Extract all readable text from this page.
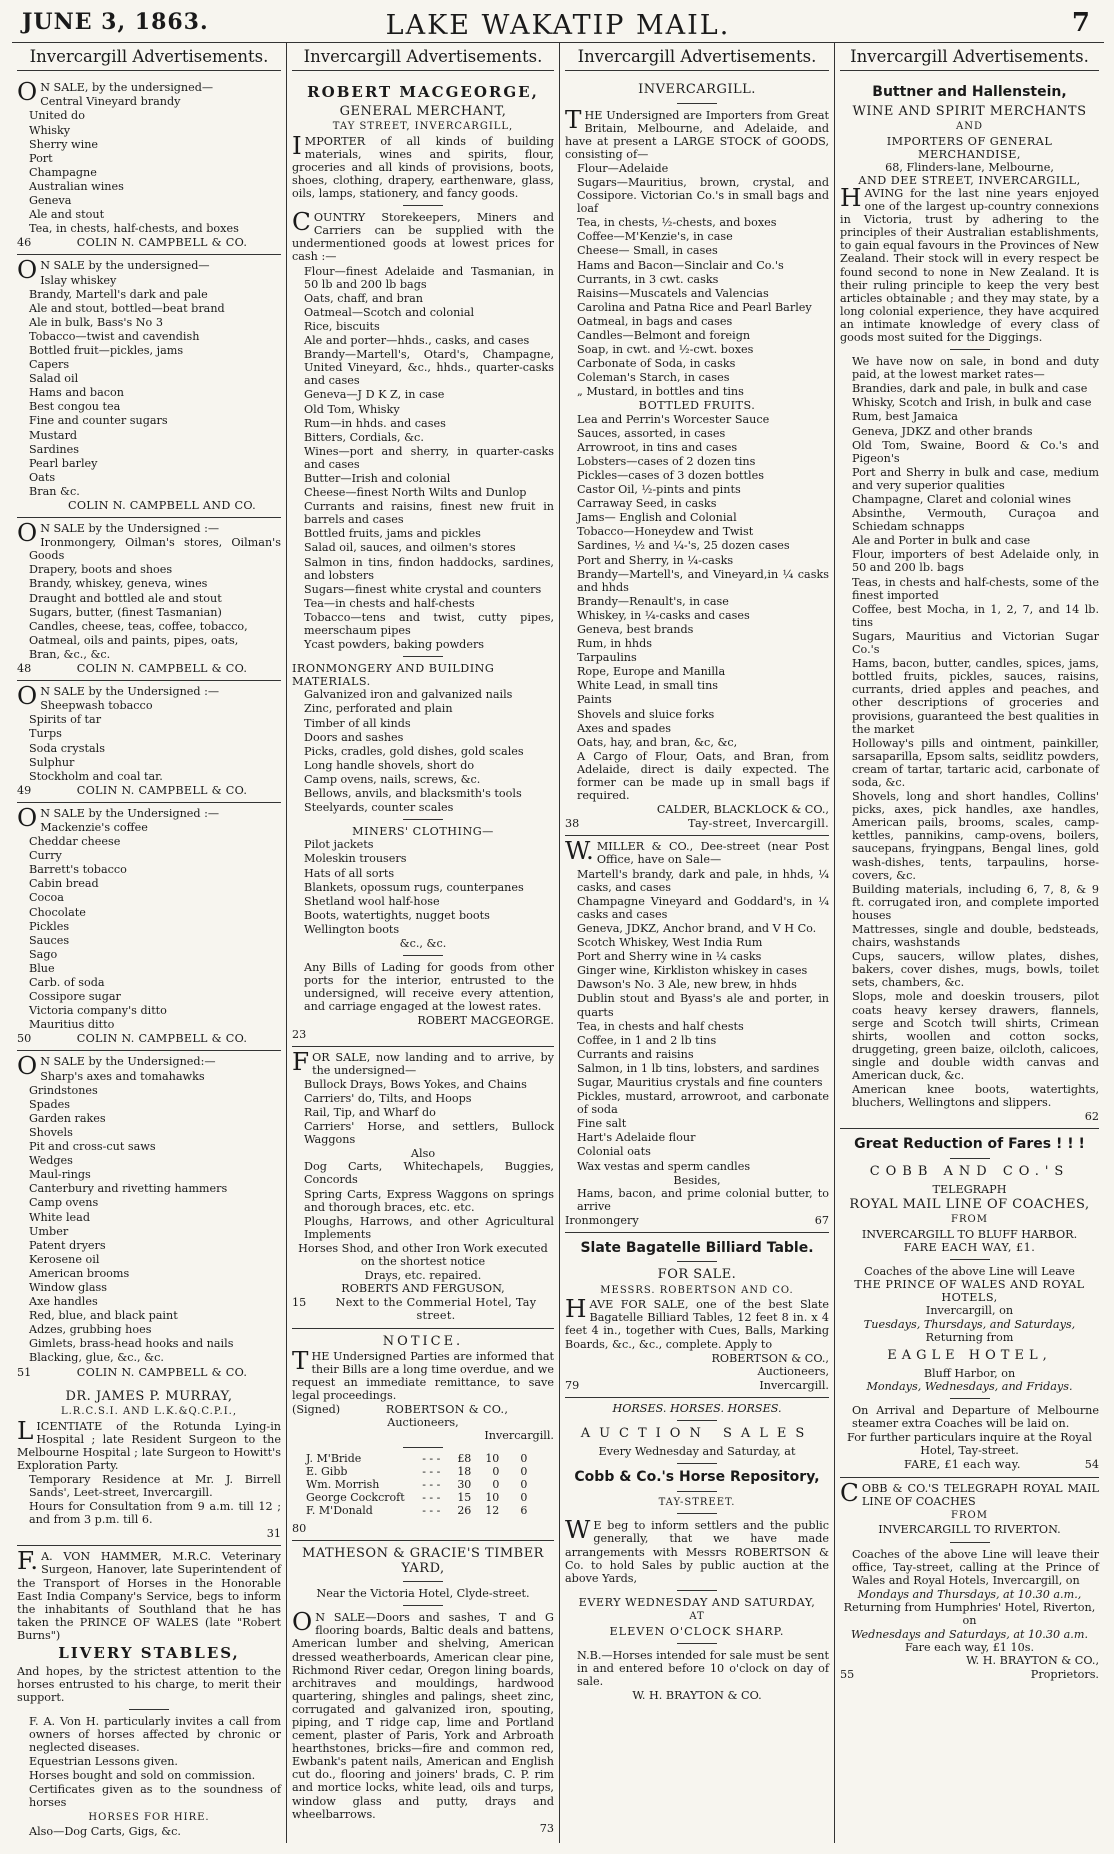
JUNE 3, 1863.	LAKE WAKATIP MAIL.	7
Invercargill Advertisements.

ON SALE, by the undersigned—

Central Vineyard brandy
United do
Whisky
Sherry wine
Port
Champagne
Australian wines
Geneva
Ale and stout
Tea, in chests, half-chests, and boxes
46	COLIN N. CAMPBELL & CO.

ON SALE by the undersigned—

Islay whiskey
Brandy, Martell's dark and pale
Ale and stout, bottled—beat brand
Ale in bulk, Bass's No 3
Tobacco—twist and cavendish
Bottled fruit—pickles, jams
Capers
Salad oil
Hams and bacon
Best congou tea
Fine and counter sugars
Mustard
Sardines
Pearl barley
Oats
Bran &c.
COLIN N. CAMPBELL AND CO.

ON SALE by the Undersigned :—

Ironmongery, Oilman's stores, Oilman's Goods
Drapery, boots and shoes
Brandy, whiskey, geneva, wines
Draught and bottled ale and stout
Sugars, butter, (finest Tasmanian)
Candles, cheese, teas, coffee, tobacco,
Oatmeal, oils and paints, pipes, oats,
Bran, &c., &c.
48	COLIN N. CAMPBELL & CO.

ON SALE by the Undersigned :—

Sheepwash tobacco
Spirits of tar
Turps
Soda crystals
Sulphur
Stockholm and coal tar.
49	COLIN N. CAMPBELL & CO.

ON SALE by the Undersigned :—

Mackenzie's coffee
Cheddar cheese
Curry
Barrett's tobacco
Cabin bread
Cocoa
Chocolate
Pickles
Sauces
Sago
Blue
Carb. of soda
Cossipore sugar
Victoria company's ditto
Mauritius ditto
50	COLIN N. CAMPBELL & CO.

ON SALE by the Undersigned:—

Sharp's axes and tomahawks
Grindstones
Spades
Garden rakes
Shovels
Pit and cross-cut saws
Wedges
Maul-rings
Canterbury and rivetting hammers
Camp ovens
White lead
Umber
Patent dryers
Kerosene oil
American brooms
Window glass
Axe handles
Red, blue, and black paint
Adzes, grubbing hoes
Gimlets, brass-head hooks and nails
Blacking, glue, &c., &c.
51	COLIN N. CAMPBELL & CO.
DR. JAMES P. MURRAY,
L.R.C.S.I. AND L.K.&Q.C.P.I.,

LICENTIATE of the Rotunda Lying-in Hospital ; late Resident Surgeon to the Melbourne Hospital ; late Surgeon to Howitt's Exploration Party.

Temporary Residence at Mr. J. Birrell Sands', Leet-street, Invercargill.

Hours for Consultation from 9 a.m. till 12 ; and from 3 p.m. till 6.

31

F.A. VON HAMMER, M.R.C. Veterinary Surgeon, Hanover, late Superintendent of the Transport of Horses in the Honorable East India Company's Service, begs to inform the inhabitants of Southland that he has taken the PRINCE OF WALES (late "Robert Burns")

LIVERY STABLES,

And hopes, by the strictest attention to the horses entrusted to his charge, to merit their support.

F. A. Von H. particularly invites a call from owners of horses affected by chronic or neglected diseases.

Equestrian Lessons given.

Horses bought and sold on commission.

Certificates given as to the soundness of horses

HORSES FOR HIRE.

Also—Dog Carts, Gigs, &c.

Invercargill Advertisements.
ROBERT MACGEORGE,
GENERAL MERCHANT,
TAY STREET, INVERCARGILL,

IMPORTER of all kinds of building materials, wines and spirits, flour, groceries and all kinds of provisions, boots, shoes, clothing, drapery, earthenware, glass, oils, lamps, stationery, and fancy goods.

COUNTRY Storekeepers, Miners and Carriers can be supplied with the undermentioned goods at lowest prices for cash :—

Flour—finest Adelaide and Tasmanian, in 50 lb and 200 lb bags
Oats, chaff, and bran
Oatmeal—Scotch and colonial
Rice, biscuits
Ale and porter—hhds., casks, and cases
Brandy—Martell's, Otard's, Champagne, United Vineyard, &c., hhds., quarter-casks and cases
Geneva—J D K Z, in case
Old Tom, Whisky
Rum—in hhds. and cases
Bitters, Cordials, &c.
Wines—port and sherry, in quarter-casks and cases
Butter—Irish and colonial
Cheese—finest North Wilts and Dunlop
Currants and raisins, finest new fruit in barrels and cases
Bottled fruits, jams and pickles
Salad oil, sauces, and oilmen's stores
Salmon in tins, findon haddocks, sardines, and lobsters
Sugars—finest white crystal and counters
Tea—in chests and half-chests
Tobacco—tens and twist, cutty pipes, meerschaum pipes
Ycast powders, baking powders
IRONMONGERY AND BUILDING MATERIALS.
Galvanized iron and galvanized nails
Zinc, perforated and plain
Timber of all kinds
Doors and sashes
Picks, cradles, gold dishes, gold scales
Long handle shovels, short do
Camp ovens, nails, screws, &c.
Bellows, anvils, and blacksmith's tools
Steelyards, counter scales
MINERS' CLOTHING—
Pilot jackets
Moleskin trousers
Hats of all sorts
Blankets, opossum rugs, counterpanes
Shetland wool half-hose
Boots, watertights, nugget boots
Wellington boots
&c., &c.

Any Bills of Lading for goods from other ports for the interior, entrusted to the undersigned, will receive every attention, and carriage engaged at the lowest rates.

ROBERT MACGEORGE.
23

FOR SALE, now landing and to arrive, by the undersigned—

Bullock Drays, Bows Yokes, and Chains
Carriers' do, Tilts, and Hoops
Rail, Tip, and Wharf do
Carriers' Horse, and settlers, Bullock Waggons
Also
Dog Carts, Whitechapels, Buggies, Concords
Spring Carts, Express Waggons on springs and thorough braces, etc. etc.
Ploughs, Harrows, and other Agricultural Implements

Horses Shod, and other Iron Work executed on the shortest notice

Drays, etc. repaired.
ROBERTS AND FERGUSON,
15	Next to the Commerial Hotel, Tay street.
NOTICE.

THE Undersigned Parties are informed that their Bills are a long time overdue, and we request an immediate remittance, to save legal proceedings.

(Signed)	ROBERTSON & CO.,
Auctioneers,
Invercargill.
J. M'Bride	- - -	£8	10	0
E. Gibb	- - -	18	0	0
Wm. Morrish	- - -	30	0	0
George Cockcroft	- - -	15	10	0
F. M'Donald	- - -	26	12	6
80
MATHESON & GRACIE'S TIMBER YARD,
Near the Victoria Hotel, Clyde-street.

ON SALE—Doors and sashes, T and G flooring boards, Baltic deals and battens, American lumber and shelving, American dressed weatherboards, American clear pine, Richmond River cedar, Oregon lining boards, architraves and mouldings, hardwood quartering, shingles and palings, sheet zinc, corrugated and galvanized iron, spouting, piping, and T ridge cap, lime and Portland cement, plaster of Paris, York and Arbroath hearthstones, bricks—fire and common red, Ewbank's patent nails, American and English cut do., flooring and joiners' brads, C. P. rim and mortice locks, white lead, oils and turps, window glass and putty, drays and wheelbarrows.

73
Invercargill Advertisements.
INVERCARGILL.

THE Undersigned are Importers from Great Britain, Melbourne, and Adelaide, and have at present a LARGE STOCK of GOODS, consisting of—

Flour—Adelaide
Sugars—Mauritius, brown, crystal, and Cossipore. Victorian Co.'s in small bags and loaf
Tea, in chests, ½-chests, and boxes
Coffee—M'Kenzie's, in case
Cheese— Small, in cases
Hams and Bacon—Sinclair and Co.'s
Currants, in 3 cwt. casks
Raisins—Muscatels and Valencias
Carolina and Patna Rice and Pearl Barley
Oatmeal, in bags and cases
Candles—Belmont and foreign
Soap, in cwt. and ½-cwt. boxes
Carbonate of Soda, in casks
Coleman's Starch, in cases
„ Mustard, in bottles and tins
BOTTLED FRUITS.
Lea and Perrin's Worcester Sauce
Sauces, assorted, in cases
Arrowroot, in tins and cases
Lobsters—cases of 2 dozen tins
Pickles—cases of 3 dozen bottles
Castor Oil, ½-pints and pints
Carraway Seed, in casks
Jams— English and Colonial
Tobacco—Honeydew and Twist
Sardines, ½ and ¼-'s, 25 dozen cases
Port and Sherry, in ¼-casks
Brandy—Martell's, and Vineyard,in ¼ casks and hhds
Brandy—Renault's, in case
Whiskey, in ¼-casks and cases
Geneva, best brands
Rum, in hhds
Tarpaulins
Rope, Europe and Manilla
White Lead, in small tins
Paints
Shovels and sluice forks
Axes and spades
Oats, hay, and bran, &c, &c,

A Cargo of Flour, Oats, and Bran, from Adelaide, direct is daily expected. The former can be made up in small bags if required.

CALDER, BLACKLOCK & CO.,
38	Tay-street, Invercargill.

W.MILLER & CO., Dee-street (near Post Office, have on Sale—

Martell's brandy, dark and pale, in hhds, ¼ casks, and cases
Champagne Vineyard and Goddard's, in ¼ casks and cases
Geneva, JDKZ, Anchor brand, and V H Co.
Scotch Whiskey, West India Rum
Port and Sherry wine in ¼ casks
Ginger wine, Kirkliston whiskey in cases
Dawson's No. 3 Ale, new brew, in hhds
Dublin stout and Byass's ale and porter, in quarts
Tea, in chests and half chests
Coffee, in 1 and 2 lb tins
Currants and raisins
Salmon, in 1 lb tins, lobsters, and sardines
Sugar, Mauritius crystals and fine counters
Pickles, mustard, arrowroot, and carbonate of soda
Fine salt
Hart's Adelaide flour
Colonial oats
Wax vestas and sperm candles
Besides,

Hams, bacon, and prime colonial butter, to arrive

Ironmongery	67
Slate Bagatelle Billiard Table.
FOR SALE.
MESSRS. ROBERTSON AND CO.

HAVE FOR SALE, one of the best Slate Bagatelle Billiard Tables, 12 feet 8 in. x 4 feet 4 in., together with Cues, Balls, Marking Boards, &c., &c., complete. Apply to

ROBERTSON & CO.,
Auctioneers,
79	Invercargill.
HORSES. HORSES. HORSES.
AUCTION SALES
Every Wednesday and Saturday, at
Cobb & Co.'s Horse Repository,
TAY-STREET.

WE beg to inform settlers and the public generally, that we have made arrangements with Messrs ROBERTSON & Co. to hold Sales by public auction at the above Yards,

EVERY WEDNESDAY AND SATURDAY,
AT
ELEVEN O'CLOCK SHARP.

N.B.—Horses intended for sale must be sent in and entered before 10 o'clock on day of sale.

W. H. BRAYTON & CO.
Invercargill Advertisements.
Buttner and Hallenstein,
WINE AND SPIRIT MERCHANTS
AND
IMPORTERS OF GENERAL MERCHANDISE,
68, Flinders-lane, Melbourne,
AND DEE STREET, INVERCARGILL,

HAVING for the last nine years enjoyed one of the largest up-country connexions in Victoria, trust by adhering to the principles of their Australian establishments, to gain equal favours in the Provinces of New Zealand. Their stock will in every respect be found second to none in New Zealand. It is their ruling principle to keep the very best articles obtainable ; and they may state, by a long colonial experience, they have acquired an intimate knowledge of every class of goods most suited for the Diggings.

We have now on sale, in bond and duty paid, at the lowest market rates—

Brandies, dark and pale, in bulk and case
Whisky, Scotch and Irish, in bulk and case
Rum, best Jamaica
Geneva, JDKZ and other brands
Old Tom, Swaine, Boord & Co.'s and Pigeon's
Port and Sherry in bulk and case, medium and very superior qualities
Champagne, Claret and colonial wines
Absinthe, Vermouth, Curaçoa and Schiedam schnapps
Ale and Porter in bulk and case
Flour, importers of best Adelaide only, in 50 and 200 lb. bags
Teas, in chests and half-chests, some of the finest imported
Coffee, best Mocha, in 1, 2, 7, and 14 lb. tins
Sugars, Mauritius and Victorian Sugar Co.'s
Hams, bacon, butter, candles, spices, jams, bottled fruits, pickles, sauces, raisins, currants, dried apples and peaches, and other descriptions of groceries and provisions, guaranteed the best qualities in the market
Holloway's pills and ointment, painkiller, sarsaparilla, Epsom salts, seidlitz powders, cream of tartar, tartaric acid, carbonate of soda, &c.
Shovels, long and short handles, Collins' picks, axes, pick handles, axe handles, American pails, brooms, scales, camp-kettles, pannikins, camp-ovens, boilers, saucepans, fryingpans, Bengal lines, gold wash-dishes, tents, tarpaulins, horse-covers, &c.
Building materials, including 6, 7, 8, & 9 ft. corrugated iron, and complete imported houses
Mattresses, single and double, bedsteads, chairs, washstands
Cups, saucers, willow plates, dishes, bakers, cover dishes, mugs, bowls, toilet sets, chambers, &c.
Slops, mole and doeskin trousers, pilot coats heavy kersey drawers, flannels, serge and Scotch twill shirts, Crimean shirts, woollen and cotton socks, druggeting, green baize, oilcloth, calicoes, single and double width canvas and American duck, &c.
American knee boots, watertights, bluchers, Wellingtons and slippers.
62
Great Reduction of Fares ! ! !
COBB AND CO.'S
TELEGRAPH
ROYAL MAIL LINE OF COACHES,
FROM
INVERCARGILL TO BLUFF HARBOR.
FARE EACH WAY, £1.
Coaches of the above Line will Leave
THE PRINCE OF WALES AND ROYAL HOTELS,
Invercargill, on
Tuesdays, Thursdays, and Saturdays,
Returning from
EAGLE HOTEL,
Bluff Harbor, on
Mondays, Wednesdays, and Fridays.

On Arrival and Departure of Melbourne steamer extra Coaches will be laid on.

For further particulars inquire at the Royal Hotel, Tay-street.

FARE, £1 each way.	54

COBB & CO.'S TELEGRAPH ROYAL MAIL LINE OF COACHES

FROM
INVERCARGILL TO RIVERTON.

Coaches of the above Line will leave their office, Tay-street, calling at the Prince of Wales and Royal Hotels, Invercargill, on

Mondays and Thursdays, at 10.30 a.m.,

Returning from Humphries' Hotel, Riverton, on

Wednesdays and Saturdays, at 10.30 a.m.
Fare each way, £1 10s.
W. H. BRAYTON & CO.,
55	Proprietors.
